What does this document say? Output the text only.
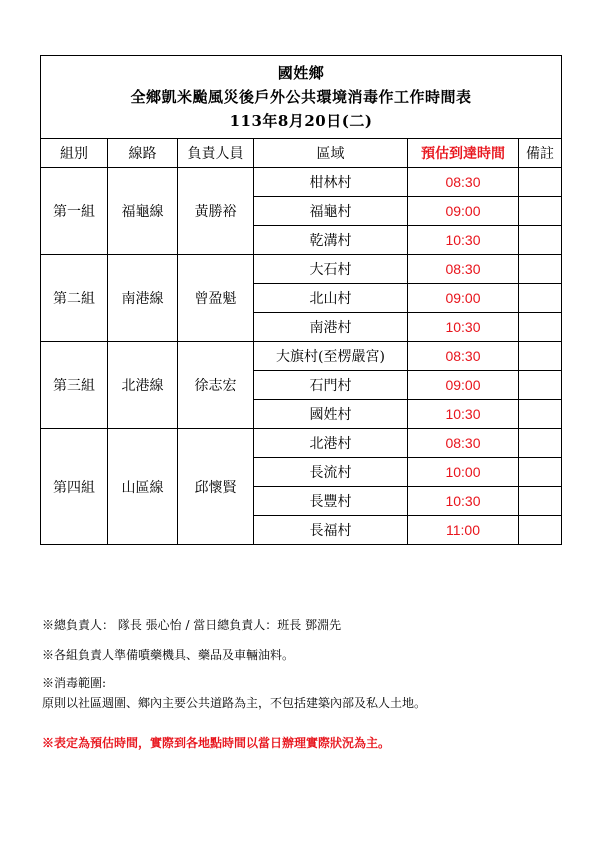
國姓鄉
全鄉凱米颱風災後戶外公共環境消毒作工作時間表
113年8月20日(二)					

組別	線路	負責人員	區域	預估到達時間	備註
第一組	福龜線	黃勝裕	柑林村	08:30	
			福龜村	09:00	
			乾溝村	10:30	
第二組	南港線	曾盈魁	大石村	08:30	
			北山村	09:00	
			南港村	10:30	
第三組	北港線	徐志宏	大旗村(至楞嚴宮)	08:30	
			石門村	09:00	
			國姓村	10:30	
第四組	山區線	邱懷賢	北港村	08:30	
			長流村	10:00	
			長豐村	10:30	
			長福村	11:00	

※總負責人： 隊長 張心怡 / 當日總負責人：班長 鄧淵先

※各組負責人準備噴藥機具、藥品及車輛油料。

※消毒範圍:

原則以社區週圍、鄉內主要公共道路為主，不包括建築內部及私人土地。

※表定為預估時間，實際到各地點時間以當日辦理實際狀況為主。
